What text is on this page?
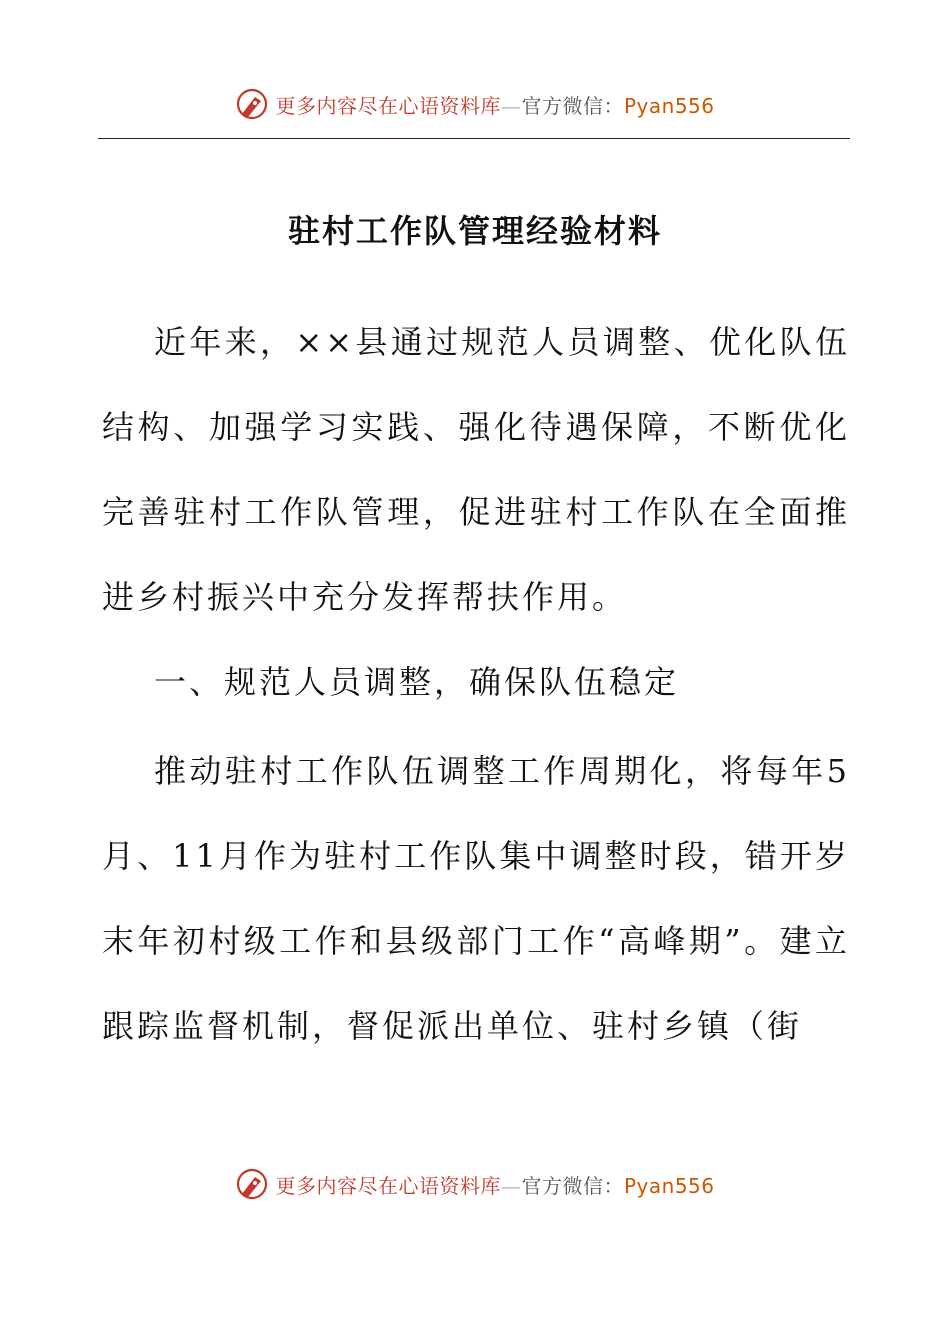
更多内容尽在心语资料库—官方微信：Pyan556
驻村工作队管理经验材料

近年来，××县通过规范人员调整、优化队伍结构、加强学习实践、强化待遇保障，不断优化完善驻村工作队管理，促进驻村工作队在全面推进乡村振兴中充分发挥帮扶作用。

一、规范人员调整，确保队伍稳定

推动驻村工作队伍调整工作周期化，将每年5月、11月作为驻村工作队集中调整时段，错开岁末年初村级工作和县级部门工作“高峰期”。建立跟踪监督机制，督促派出单位、驻村乡镇（街

更多内容尽在心语资料库—官方微信：Pyan556
